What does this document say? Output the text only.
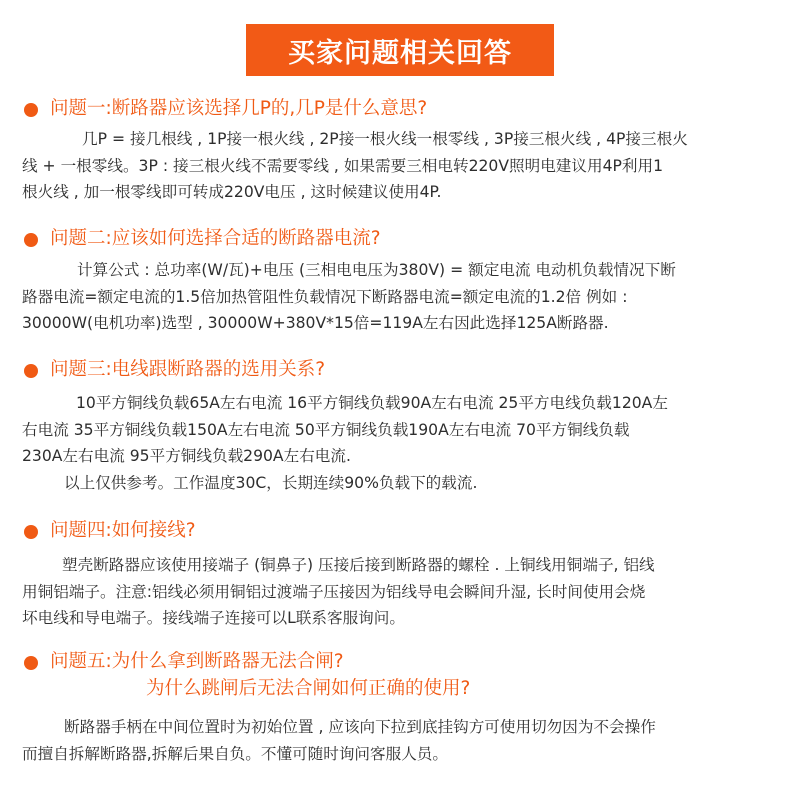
买家问题相关回答
问题一:断路器应该选择几P的,几P是什么意思?
几P = 接几根线 , 1P接一根火线 , 2P接一根火线一根零线 , 3P接三根火线 , 4P接三根火
线 + 一根零线。3P : 接三根火线不需要零线 , 如果需要三相电转220V照明电建议用4P利用1
根火线 , 加一根零线即可转成220V电压 , 这时候建议使用4P.
问题二:应该如何选择合适的断路器电流?
计算公式 : 总功率(W/瓦)+电压 (三相电电压为380V) = 额定电流 电动机负载情况下断
路器电流=额定电流的1.5倍加热管阻性负载情况下断路器电流=额定电流的1.2倍 例如 :
30000W(电机功率)选型 , 30000W+380V*15倍=119A左右因此选择125A断路器.
问题三:电线跟断路器的选用关系?
10平方铜线负载65A左右电流 16平方铜线负载90A左右电流 25平方电线负载120A左
右电流 35平方铜线负载150A左右电流 50平方铜线负载190A左右电流 70平方铜线负载
230A左右电流 95平方铜线负载290A左右电流.
以上仅供参考。工作温度30C，长期连续90%负载下的载流.
问题四:如何接线?
塑壳断路器应该使用接端子 (铜鼻子) 压接后接到断路器的螺栓 . 上铜线用铜端子, 铝线
用铜铝端子。注意:铝线必须用铜铝过渡端子压接因为铝线导电会瞬间升湿, 长时间使用会烧
坏电线和导电端子。接线端子连接可以L联系客服询问。
问题五:为什么拿到断路器无法合闸?
为什么跳闸后无法合闸如何正确的使用?
断路器手柄在中间位置时为初始位置 , 应该向下拉到底挂钩方可使用切勿因为不会操作
而擅自拆解断路器,拆解后果自负。不懂可随时询问客服人员。
